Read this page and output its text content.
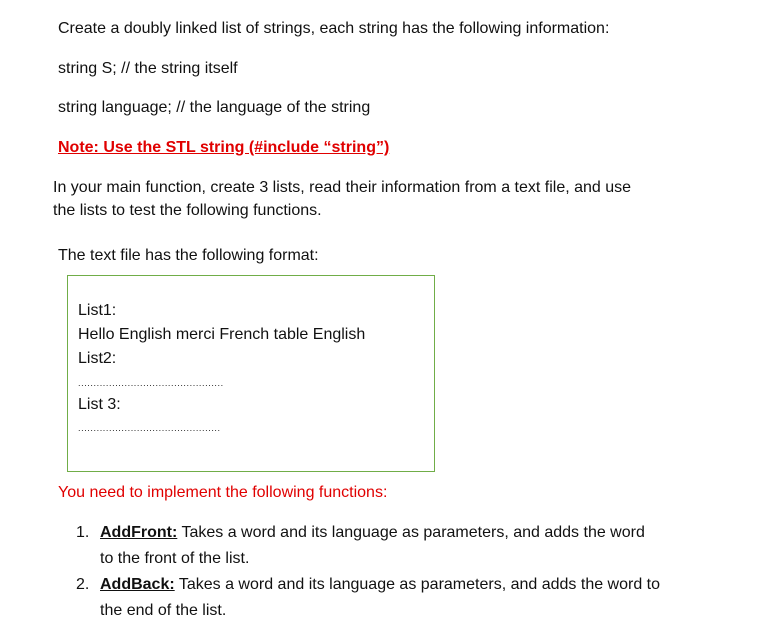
Create a doubly linked list of strings, each string has the following information:
string S; // the string itself
string language; // the language of the string
Note: Use the STL string (#include “string”)
In your main function, create 3 lists, read their information from a text file, and use
the lists to test the following functions.
The text file has the following format:
List1:
Hello English merci French table English
List2:
...............................................
List 3:
..............................................
You need to implement the following functions:
1. AddFront: Takes a word and its language as parameters, and adds the word
to the front of the list.
2. AddBack: Takes a word and its language as parameters, and adds the word to
the end of the list.
